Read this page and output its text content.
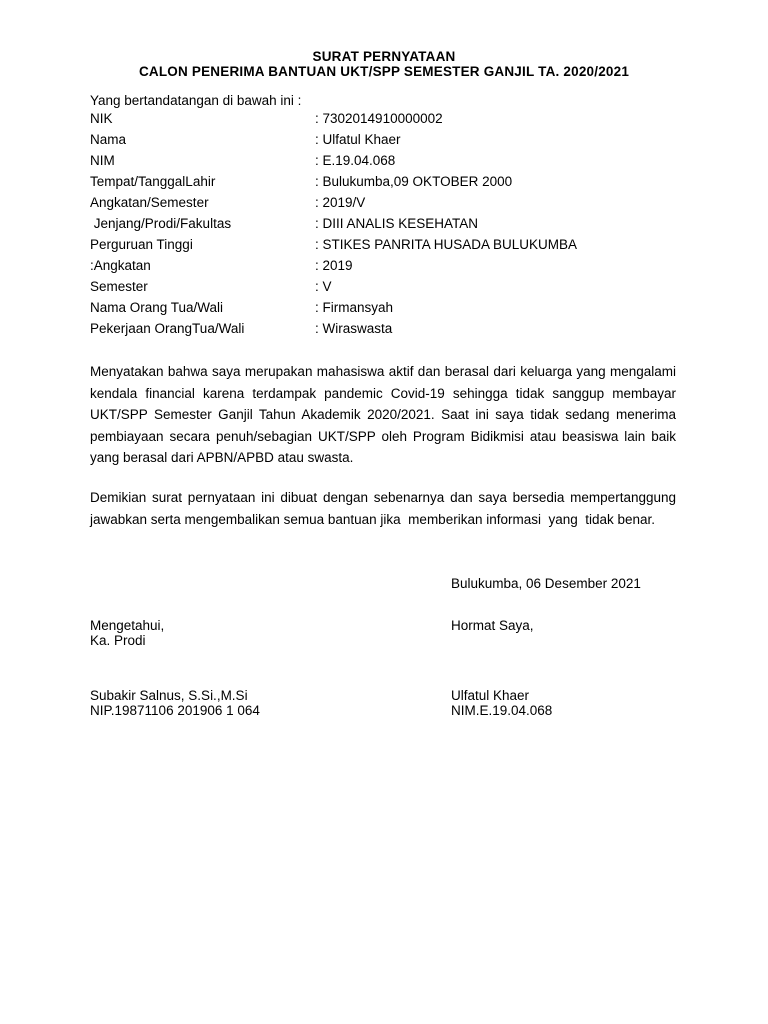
SURAT PERNYATAAN
CALON PENERIMA BANTUAN UKT/SPP SEMESTER GANJIL TA. 2020/2021
Yang bertandatangan di bawah ini :
NIK	: 7302014910000002
Nama	: Ulfatul Khaer
NIM	: E.19.04.068
Tempat/TanggalLahir	: Bulukumba,09 OKTOBER 2000
Angkatan/Semester	: 2019/V
Jenjang/Prodi/Fakultas	: DIII ANALIS KESEHATAN
Perguruan Tinggi	: STIKES PANRITA HUSADA BULUKUMBA
:Angkatan	: 2019
Semester	: V
Nama Orang Tua/Wali	: Firmansyah
Pekerjaan OrangTua/Wali	: Wiraswasta
Menyatakan bahwa saya merupakan mahasiswa aktif dan berasal dari keluarga yang mengalami kendala financial karena terdampak pandemic Covid-19 sehingga tidak sanggup membayar UKT/SPP Semester Ganjil Tahun Akademik 2020/2021. Saat ini saya tidak sedang menerima pembiayaan secara penuh/sebagian UKT/SPP oleh Program Bidikmisi atau beasiswa lain baik yang berasal dari APBN/APBD atau swasta.
Demikian surat pernyataan ini dibuat dengan sebenarnya dan saya bersedia mempertanggung jawabkan serta mengembalikan semua bantuan jika  memberikan informasi  yang  tidak benar.
Bulukumba, 06 Desember 2021
Mengetahui,
Ka. Prodi
Hormat Saya,
Subakir Salnus, S.Si.,M.Si
NIP.19871106 201906 1 064
Ulfatul Khaer
NIM.E.19.04.068
